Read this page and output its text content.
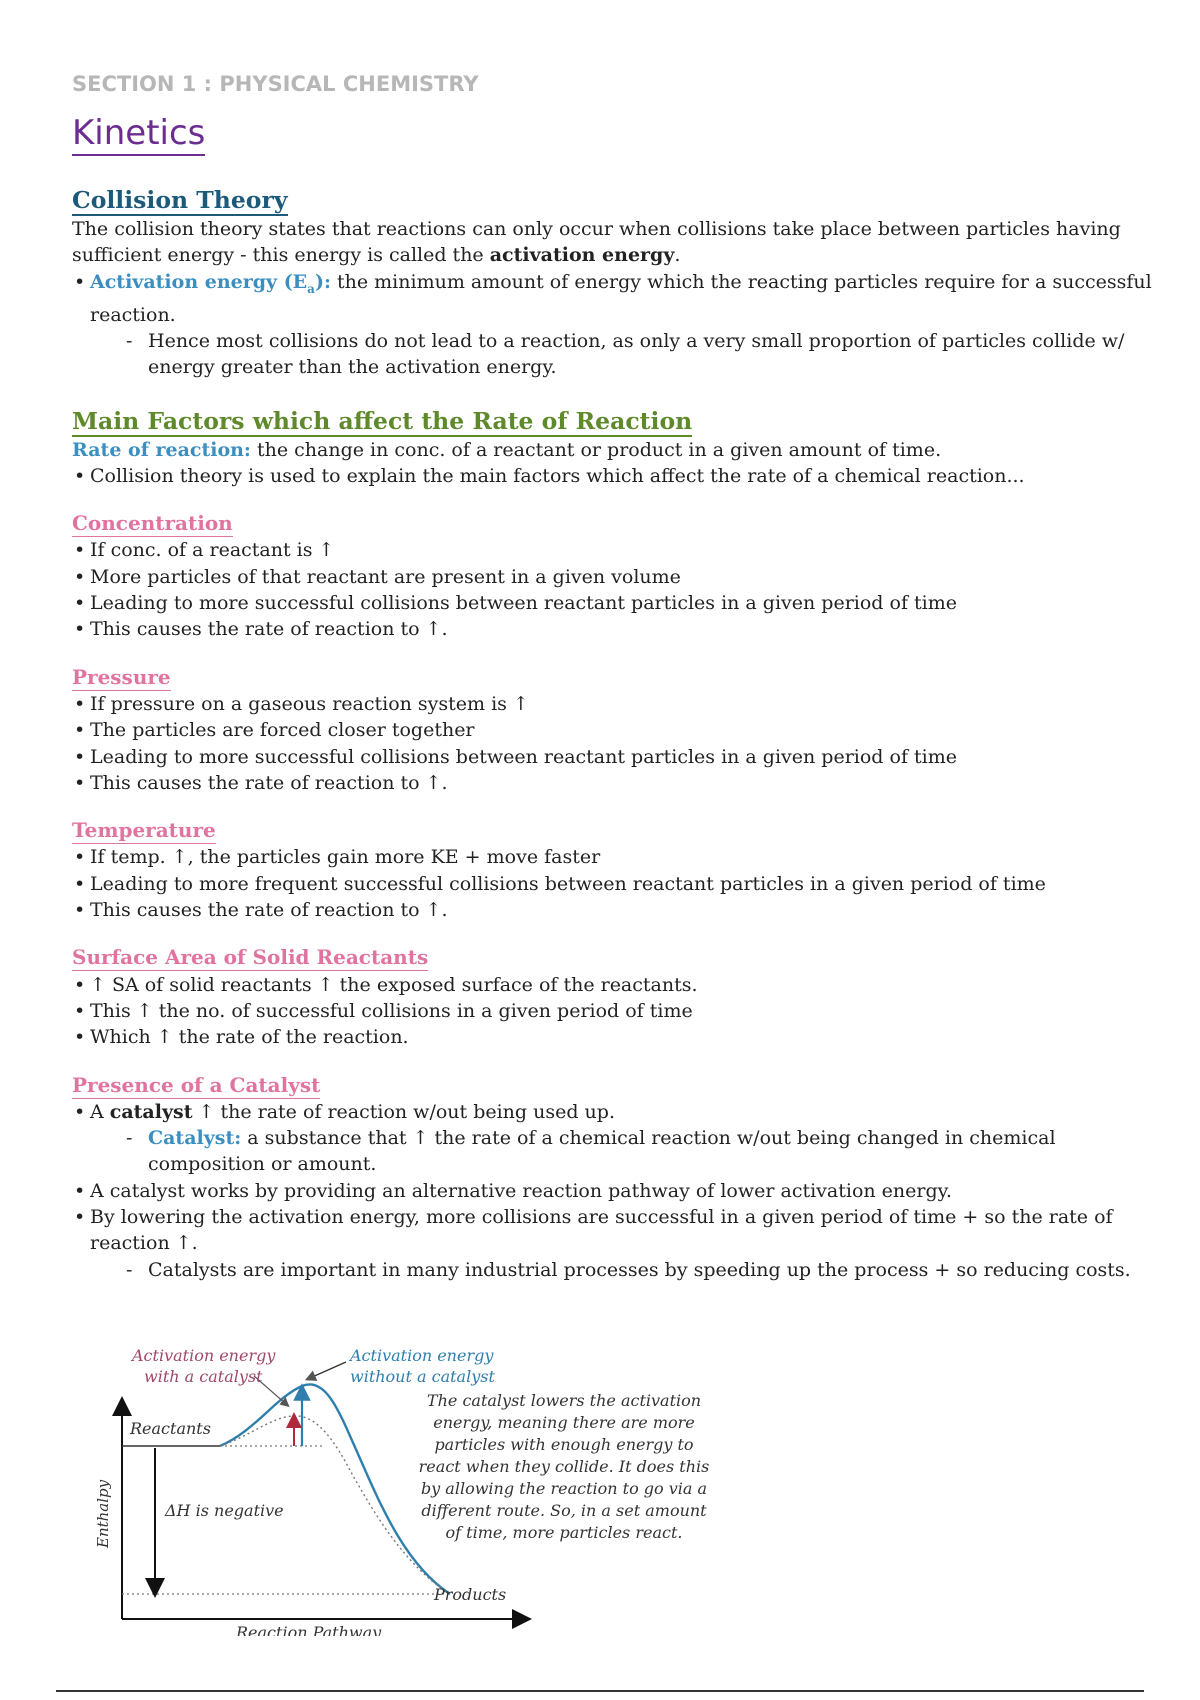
SECTION 1 : PHYSICAL CHEMISTRY
Kinetics
Collision Theory

The collision theory states that reactions can only occur when collisions take place between particles having sufficient energy - this energy is called the activation energy.

• Activation energy $(E_a)$: the minimum amount of energy which the reacting particles require for a successful reaction.
- Hence most collisions do not lead to a reaction, as only a very small proportion of particles collide w/ energy greater than the activation energy.
Main Factors which affect the Rate of Reaction

Rate of reaction: the change in conc. of a reactant or product in a given amount of time.

• Collision theory is used to explain the main factors which affect the rate of a chemical reaction...
Concentration
• If conc. of a reactant is ↑
• More particles of that reactant are present in a given volume
• Leading to more successful collisions between reactant particles in a given period of time
• This causes the rate of reaction to ↑.
Pressure
• If pressure on a gaseous reaction system is ↑
• The particles are forced closer together
• Leading to more successful collisions between reactant particles in a given period of time
• This causes the rate of reaction to ↑.
Temperature
• If temp. ↑, the particles gain more KE + move faster
• Leading to more frequent successful collisions between reactant particles in a given period of time
• This causes the rate of reaction to ↑.
Surface Area of Solid Reactants
• ↑ SA of solid reactants ↑ the exposed surface of the reactants.
• This ↑ the no. of successful collisions in a given period of time
• Which ↑ the rate of the reaction.
Presence of a Catalyst
• A catalyst ↑ the rate of reaction w/out being used up.
- Catalyst: a substance that ↑ the rate of a chemical reaction w/out being changed in chemical composition or amount.
• A catalyst works by providing an alternative reaction pathway of lower activation energy.
• By lowering the activation energy, more collisions are successful in a given period of time + so the rate of reaction ↑.
- Catalysts are important in many industrial processes by speeding up the process + so reducing costs.
Activation energy
with a catalyst
Activation energy
without a catalyst
Reactants
ΔH is negative
Products
Enthalpy
Reaction Pathway
The catalyst lowers the activation
energy, meaning there are more
particles with enough energy to
react when they collide. It does this
by allowing the reaction to go via a
different route. So, in a set amount
of time, more particles react.
